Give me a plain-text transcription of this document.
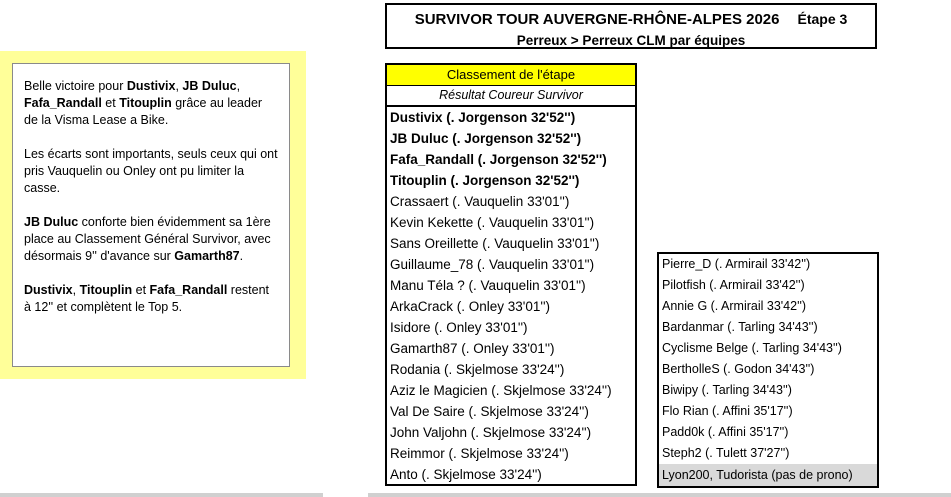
SURVIVOR TOUR AUVERGNE-RHÔNE-ALPES 2026 Étape 3
Perreux > Perreux CLM par équipes

Belle victoire pour Dustivix, JB Duluc, Fafa_Randall et Titouplin grâce au leader de la Visma Lease a Bike.

Les écarts sont importants, seuls ceux qui ont pris Vauquelin ou Onley ont pu limiter la casse.

JB Duluc conforte bien évidemment sa 1ère place au Classement Général Survivor, avec désormais 9'' d'avance sur Gamarth87.

Dustivix, Titouplin et Fafa_Randall restent à 12'' et complètent le Top 5.

Classement de l'étape
Résultat Coureur Survivor
Dustivix (. Jorgenson 32'52'')
JB Duluc (. Jorgenson 32'52'')
Fafa_Randall (. Jorgenson 32'52'')
Titouplin (. Jorgenson 32'52'')
Crassaert (. Vauquelin 33'01'')
Kevin Kekette (. Vauquelin 33'01'')
Sans Oreillette (. Vauquelin 33'01'')
Guillaume_78 (. Vauquelin 33'01'')
Manu Téla ? (. Vauquelin 33'01'')
ArkaCrack (. Onley 33'01'')
Isidore (. Onley 33'01'')
Gamarth87 (. Onley 33'01'')
Rodania (. Skjelmose 33'24'')
Aziz le Magicien (. Skjelmose 33'24'')
Val De Saire (. Skjelmose 33'24'')
John Valjohn (. Skjelmose 33'24'')
Reimmor (. Skjelmose 33'24'')
Anto (. Skjelmose 33'24'')
Pierre_D (. Armirail 33'42'')
Pilotfish (. Armirail 33'42'')
Annie G (. Armirail 33'42'')
Bardanmar (. Tarling 34'43'')
Cyclisme Belge (. Tarling 34'43'')
BertholleS (. Godon 34'43'')
Biwipy (. Tarling 34'43'')
Flo Rian (. Affini 35'17'')
Padd0k (. Affini 35'17'')
Steph2 (. Tulett 37'27'')
Lyon200, Tudorista (pas de prono)
